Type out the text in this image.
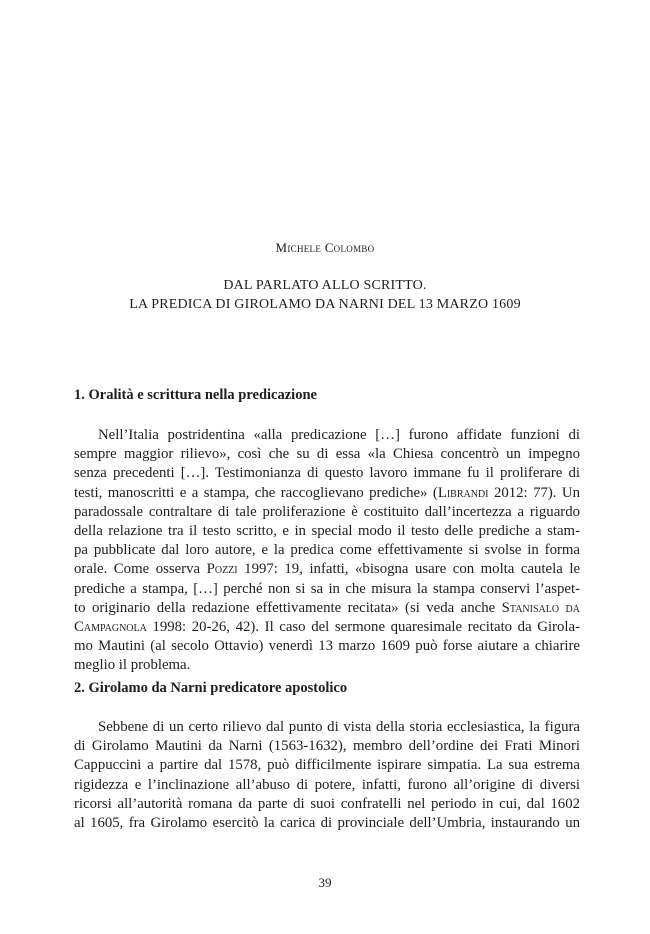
Michele Colombo
DAL PARLATO ALLO SCRITTO.
LA PREDICA DI GIROLAMO DA NARNI DEL 13 MARZO 1609
1. Oralità e scrittura nella predicazione
Nell’Italia postridentina «alla predicazione […] furono affidate funzioni di
sempre maggior rilievo», così che su di essa «la Chiesa concentrò un impegno
senza precedenti […]. Testimonianza di questo lavoro immane fu il proliferare di
testi, manoscritti e a stampa, che raccoglievano prediche» (Librandi 2012: 77). Un
paradossale contraltare di tale proliferazione è costituito dall’incertezza a riguardo
della relazione tra il testo scritto, e in special modo il testo delle prediche a stam-
pa pubblicate dal loro autore, e la predica come effettivamente si svolse in forma
orale. Come osserva Pozzi 1997: 19, infatti, «bisogna usare con molta cautela le
prediche a stampa, […] perché non si sa in che misura la stampa conservi l’aspet-
to originario della redazione effettivamente recitata» (si veda anche Stanisalo da
Campagnola 1998: 20-26, 42). Il caso del sermone quaresimale recitato da Girola-
mo Mautini (al secolo Ottavio) venerdì 13 marzo 1609 può forse aiutare a chiarire
meglio il problema.
2. Girolamo da Narni predicatore apostolico
Sebbene di un certo rilievo dal punto di vista della storia ecclesiastica, la figura
di Girolamo Mautini da Narni (1563-1632), membro dell’ordine dei Frati Minori
Cappuccini a partire dal 1578, può difficilmente ispirare simpatia. La sua estrema
rigidezza e l’inclinazione all’abuso di potere, infatti, furono all’origine di diversi
ricorsi all’autorità romana da parte di suoi confratelli nel periodo in cui, dal 1602
al 1605, fra Girolamo esercitò la carica di provinciale dell’Umbria, instaurando un
39
